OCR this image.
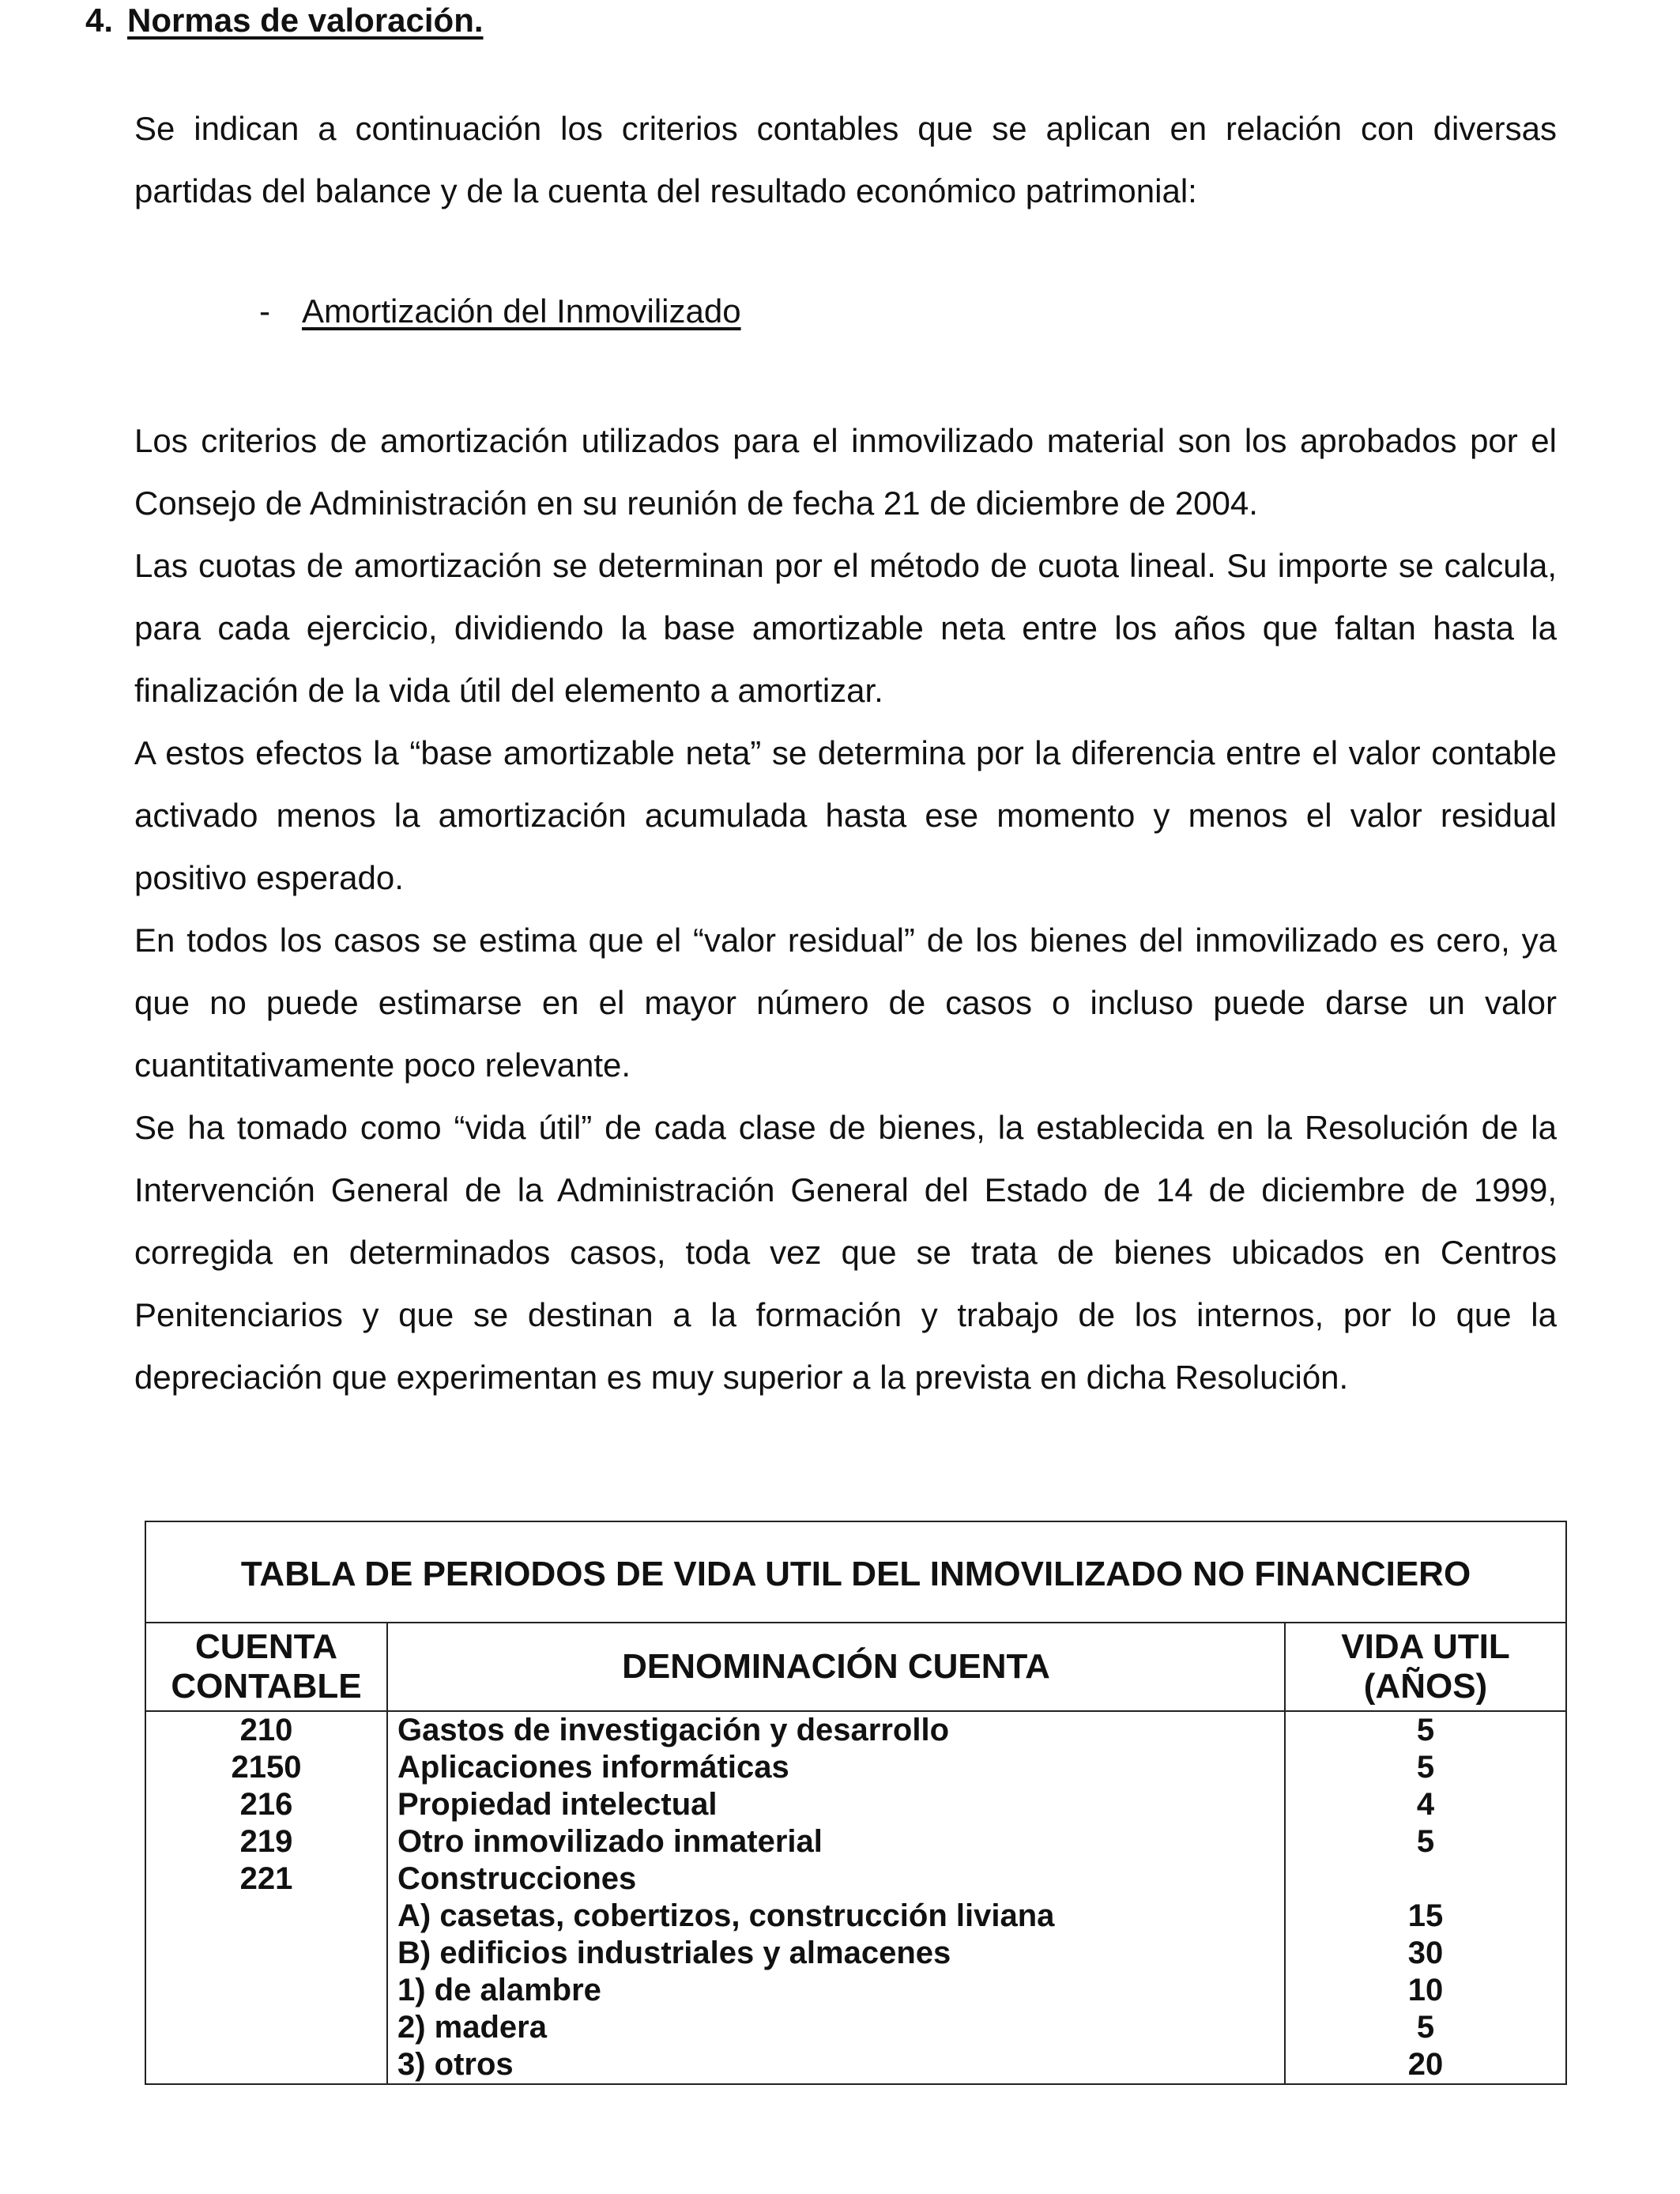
4. Normas de valoración.

Se indican a continuación los criterios contables que se aplican en relación con diversas partidas del balance y de la cuenta del resultado económico patrimonial:

- Amortización del Inmovilizado
Los criterios de amortización utilizados para el inmovilizado material son los aprobados por el Consejo de Administración en su reunión de fecha 21 de diciembre de 2004.
Las cuotas de amortización se determinan por el método de cuota lineal. Su importe se calcula, para cada ejercicio, dividiendo la base amortizable neta entre los años que faltan hasta la finalización de la vida útil del elemento a amortizar.
A estos efectos la “base amortizable neta” se determina por la diferencia entre el valor contable activado menos la amortización acumulada hasta ese momento y menos el valor residual positivo esperado.
En todos los casos se estima que el “valor residual” de los bienes del inmovilizado es cero, ya que no puede estimarse en el mayor número de casos o incluso puede darse un valor cuantitativamente poco relevante.
Se ha tomado como “vida útil” de cada clase de bienes, la establecida en la Resolución de la Intervención General de la Administración General del Estado de 14 de diciembre de 1999, corregida en determinados casos, toda vez que se trata de bienes ubicados en Centros Penitenciarios y que se destinan a la formación y trabajo de los internos, por lo que la depreciación que experimentan es muy superior a la prevista en dicha Resolución.
TABLA DE PERIODOS DE VIDA UTIL DEL INMOVILIZADO NO FINANCIERO		
CUENTA
CONTABLE	DENOMINACIÓN CUENTA	VIDA UTIL
(AÑOS)
210	Gastos de investigación y desarrollo	5
2150	Aplicaciones informáticas	5
216	Propiedad intelectual	4
219	Otro inmovilizado inmaterial	5
221	Construcciones	
	A) casetas, cobertizos, construcción liviana	15
	B) edificios industriales y almacenes	30
	1) de alambre	10
	2) madera	5
	3) otros	20
